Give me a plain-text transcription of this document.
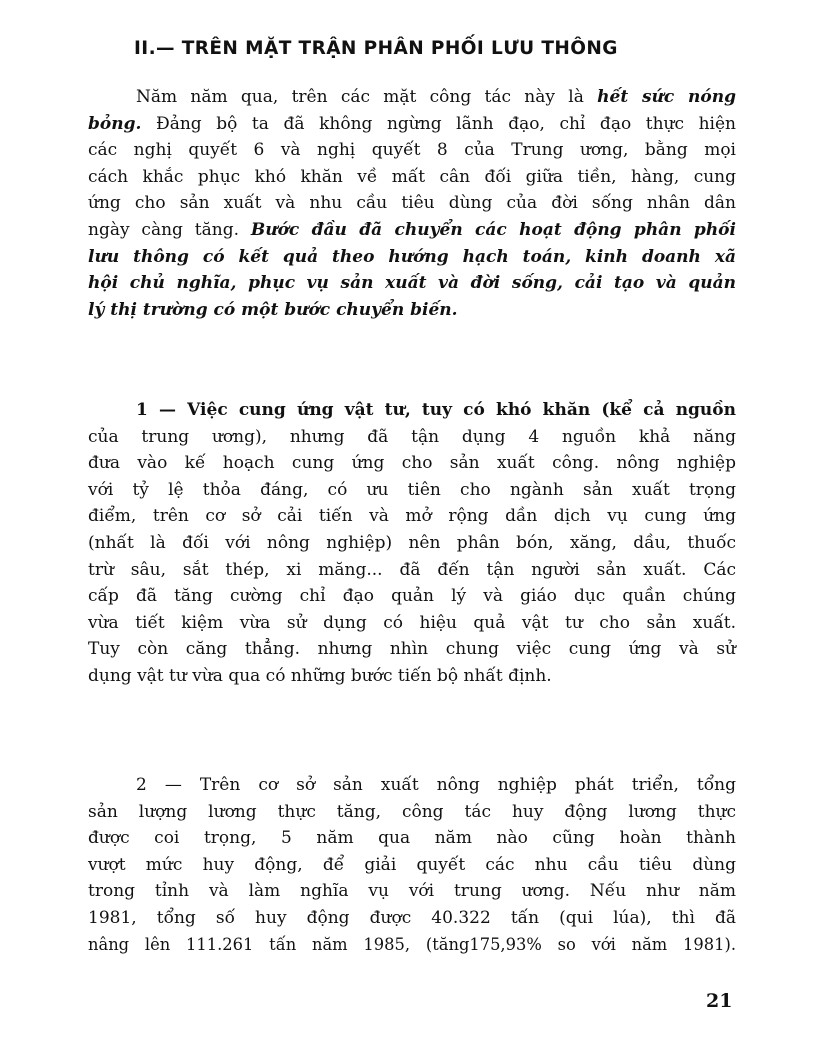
II.— TRÊN MẶT TRẬN PHÂN PHỐI LƯU THÔNG
Năm năm qua, trên các mặt công tác này là hết sức nóng
bỏng. Đảng bộ ta đã không ngừng lãnh đạo, chỉ đạo thực hiện
các nghị quyết 6 và nghị quyết 8 của Trung ương, bằng mọi
cách khắc phục khó khăn về mất cân đối giữa tiền, hàng, cung
ứng cho sản xuất và nhu cầu tiêu dùng của đời sống nhân dân
ngày càng tăng. Bước đầu đã chuyển các hoạt động phân phối
lưu thông có kết quả theo hướng hạch toán, kinh doanh xã
hội chủ nghĩa, phục vụ sản xuất và đời sống, cải tạo và quản
lý thị trường có một bước chuyển biến.
1 — Việc cung ứng vật tư, tuy có khó khăn (kể cả nguồn
của trung ương), nhưng đã tận dụng 4 nguồn khả năng
đưa vào kế hoạch cung ứng cho sản xuất công. nông nghiệp
với tỷ lệ thỏa đáng, có ưu tiên cho ngành sản xuất trọng
điểm, trên cơ sở cải tiến và mở rộng dần dịch vụ cung ứng
(nhất là đối với nông nghiệp) nên phân bón, xăng, dầu, thuốc
trừ sâu, sắt thép, xi măng... đã đến tận người sản xuất. Các
cấp đã tăng cường chỉ đạo quản lý và giáo dục quần chúng
vừa tiết kiệm vừa sử dụng có hiệu quả vật tư cho sản xuất.
Tuy còn căng thẳng. nhưng nhìn chung việc cung ứng và sử
dụng vật tư vừa qua có những bước tiến bộ nhất định.
2 — Trên cơ sở sản xuất nông nghiệp phát triển, tổng
sản lượng lương thực tăng, công tác huy động lương thực
được coi trọng, 5 năm qua năm nào cũng hoàn thành
vượt mức huy động, để giải quyết các nhu cầu tiêu dùng
trong tỉnh và làm nghĩa vụ với trung ương. Nếu như năm
1981, tổng số huy động được 40.322 tấn (qui lúa), thì đã
nâng lên 111.261 tấn năm 1985, (tăng175,93% so với năm 1981).
21
